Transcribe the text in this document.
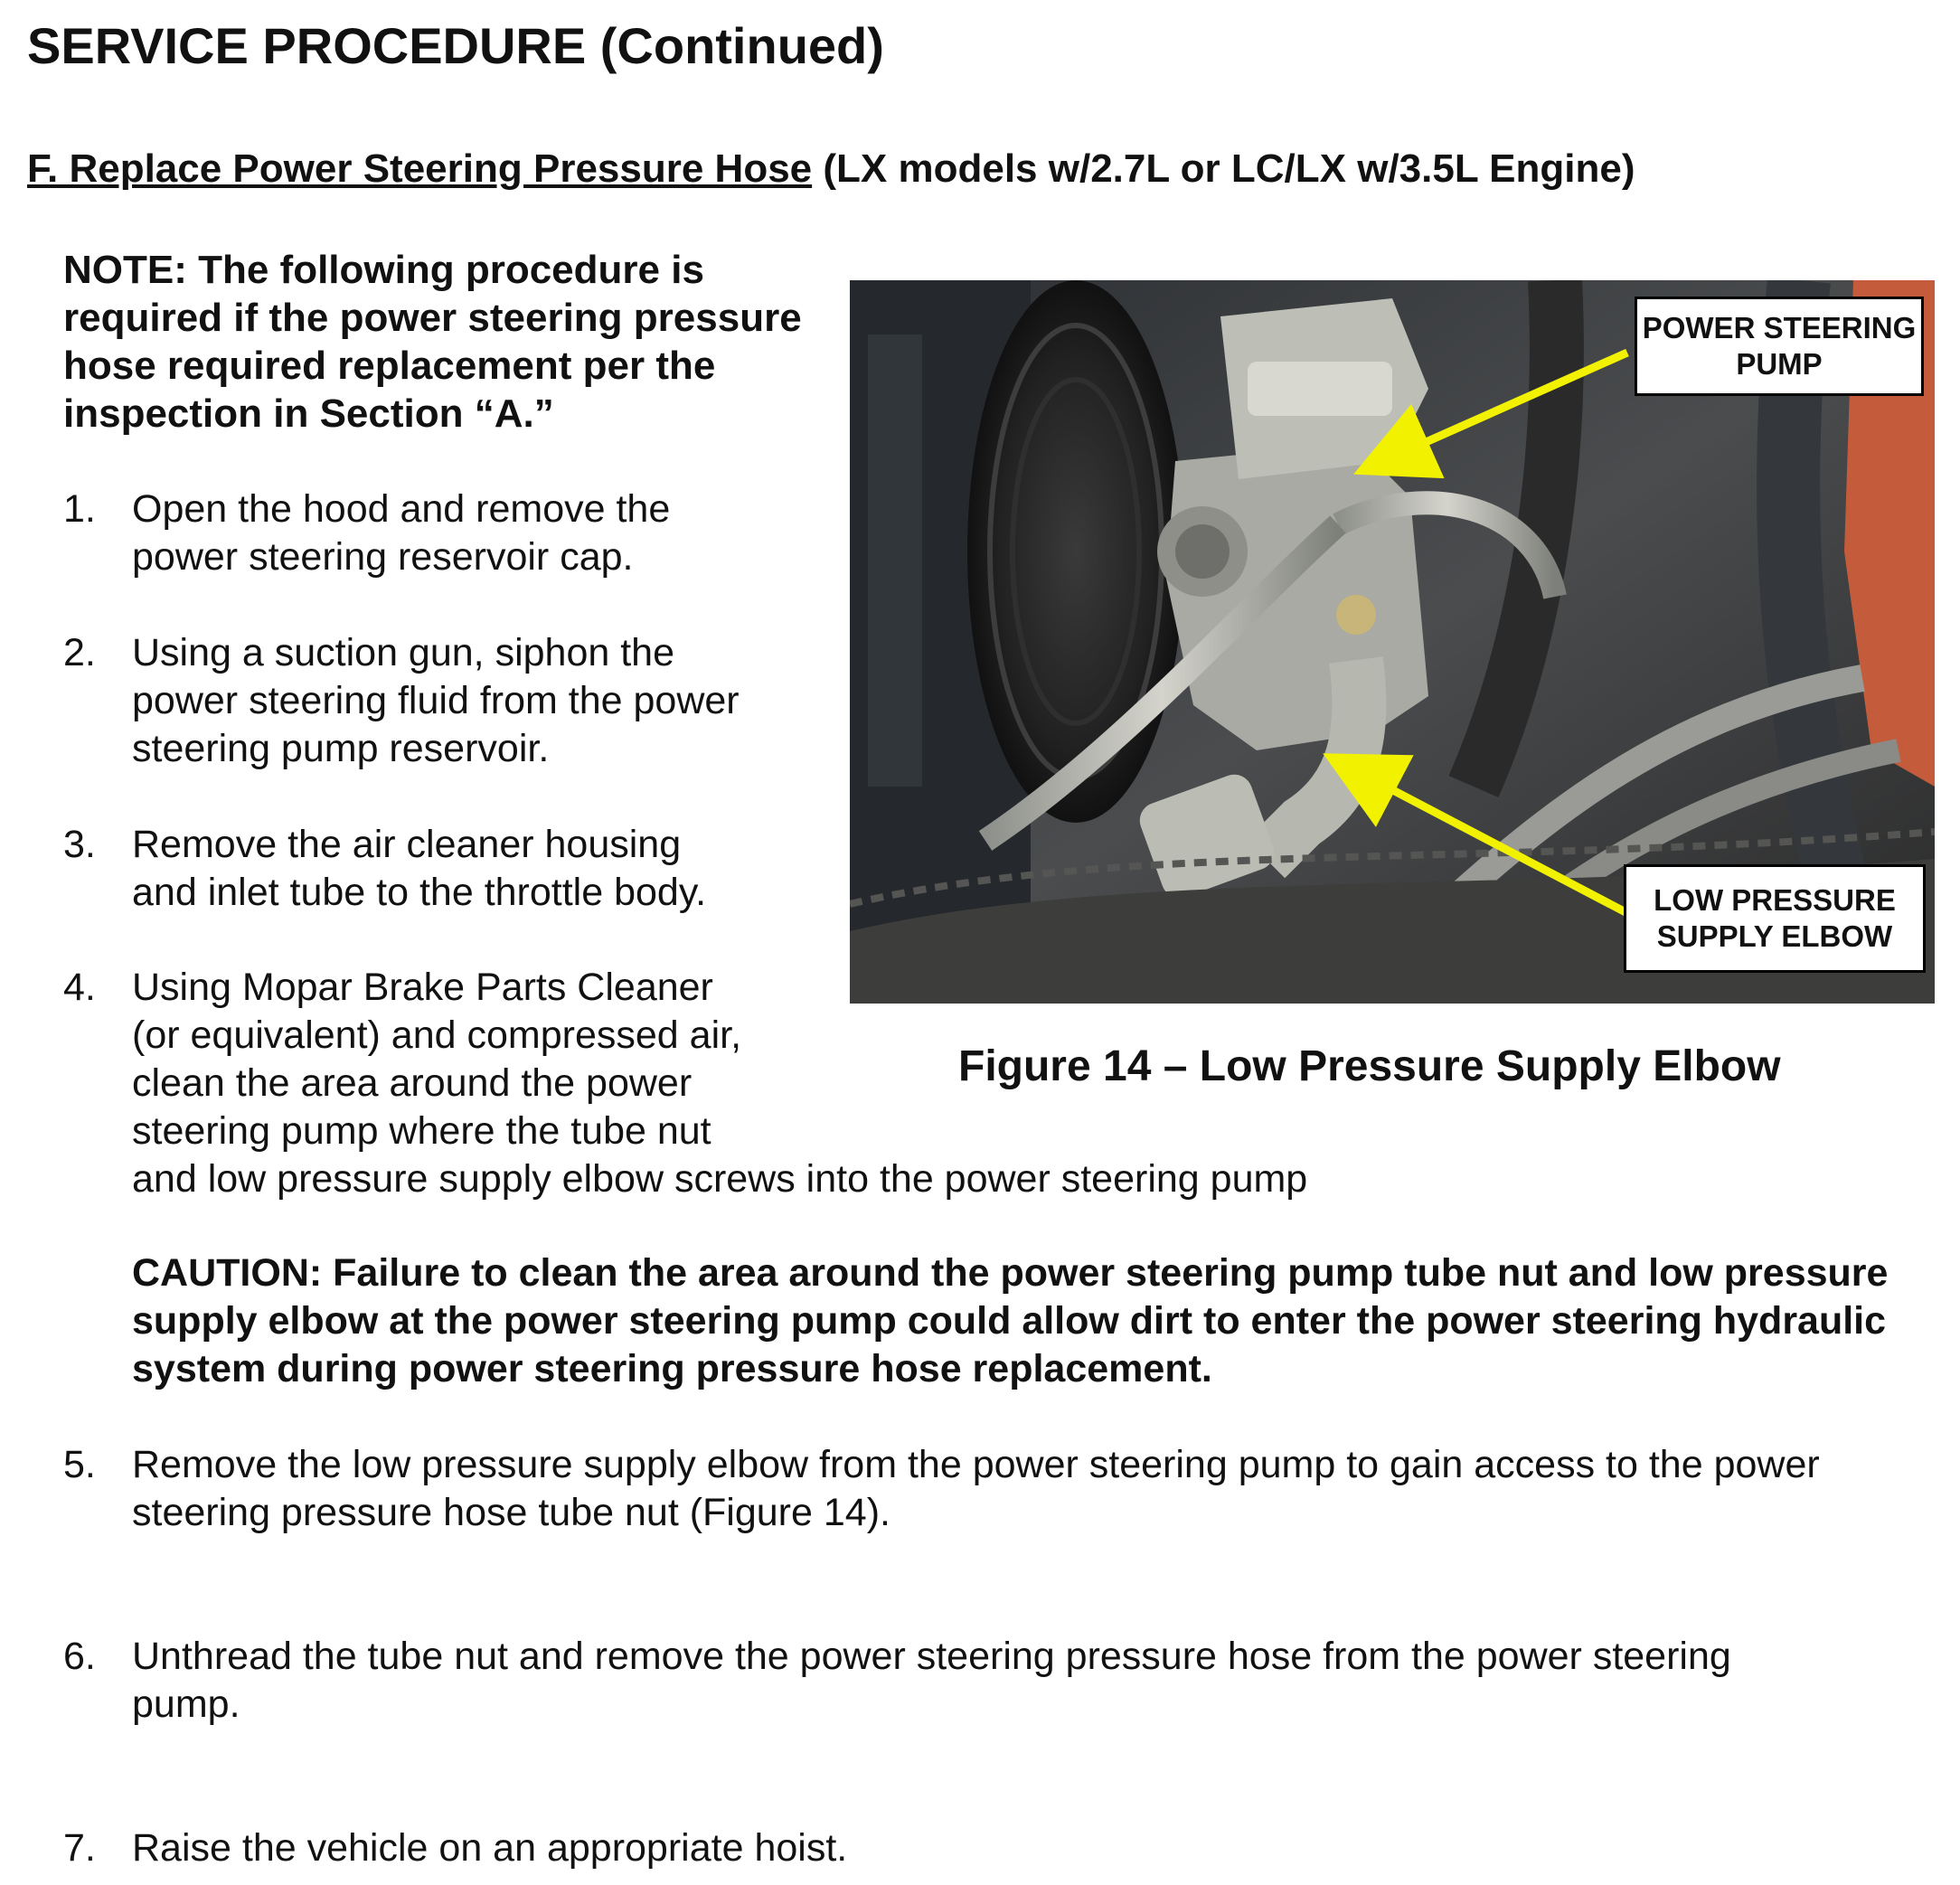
SERVICE PROCEDURE (Continued)
F. Replace Power Steering Pressure Hose (LX models w/2.7L or LC/LX w/3.5L Engine)
NOTE: The following procedure is required if the power steering pressure hose required replacement per the inspection in Section “A.”
1. Open the hood and remove the
power steering reservoir cap.
2. Using a suction gun, siphon the
power steering fluid from the power
steering pump reservoir.
3. Remove the air cleaner housing
and inlet tube to the throttle body.
4. Using Mopar Brake Parts Cleaner
(or equivalent) and compressed air,
clean the area around the power
steering pump where the tube nut
and low pressure supply elbow screws into the power steering pump
CAUTION: Failure to clean the area around the power steering pump tube nut and low pressure supply elbow at the power steering pump could allow dirt to enter the power steering hydraulic system during power steering pressure hose replacement.
5. Remove the low pressure supply elbow from the power steering pump to gain access to the power
steering pressure hose tube nut (Figure 14).
6. Unthread the tube nut and remove the power steering pressure hose from the power steering
pump.
7. Raise the vehicle on an appropriate hoist.
POWER STEERING
PUMP
LOW PRESSURE
SUPPLY ELBOW
Figure 14 – Low Pressure Supply Elbow
